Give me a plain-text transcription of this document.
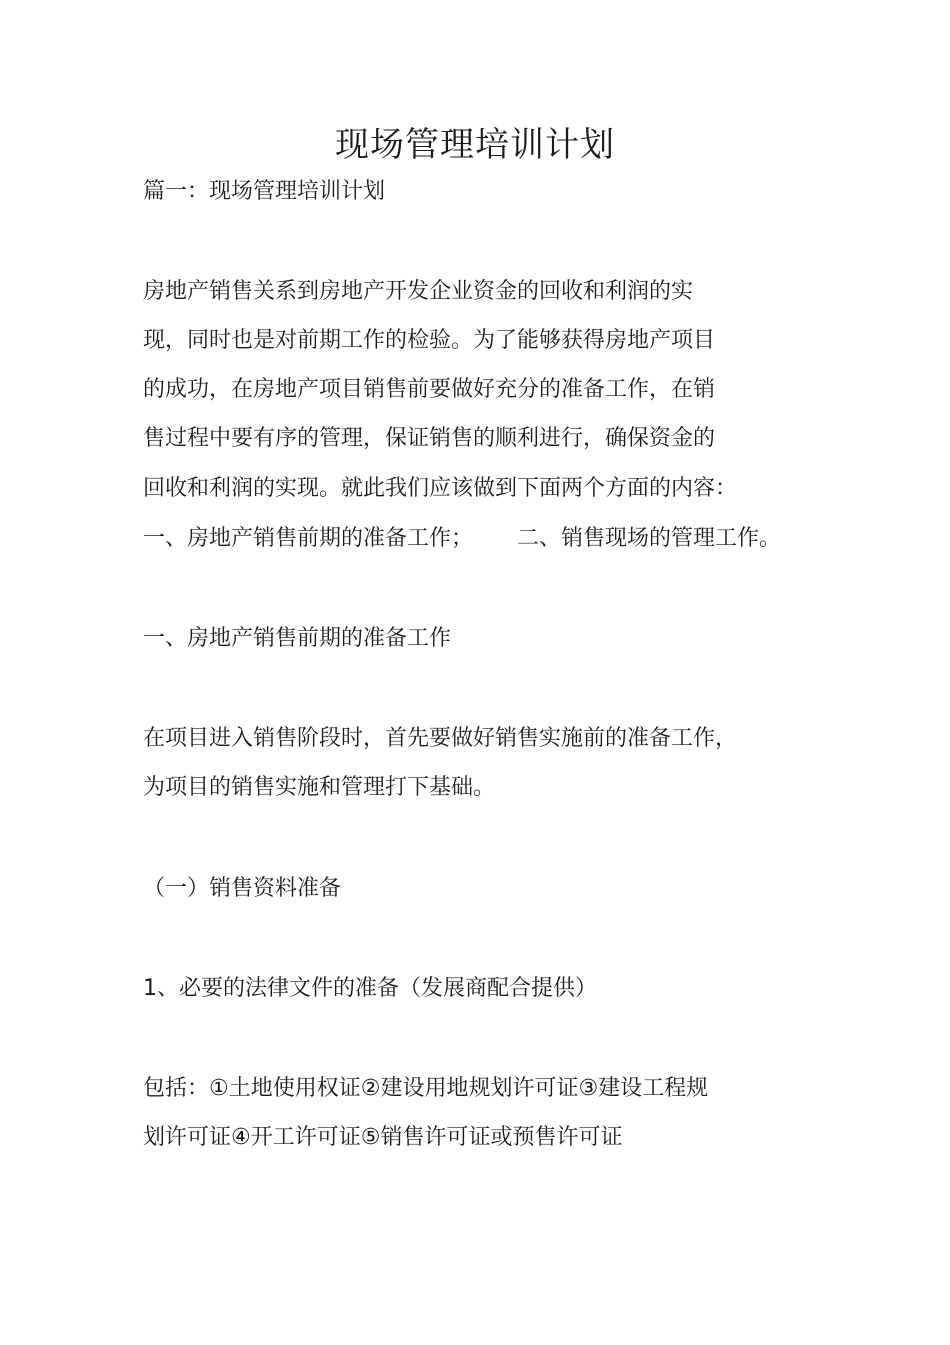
现场管理培训计划
篇一：现场管理培训计划
房地产销售关系到房地产开发企业资金的回收和利润的实
现，同时也是对前期工作的检验。为了能够获得房地产项目
的成功，在房地产项目销售前要做好充分的准备工作，在销
售过程中要有序的管理，保证销售的顺利进行，确保资金的
回收和利润的实现。就此我们应该做到下面两个方面的内容：
一、房地产销售前期的准备工作； 二、销售现场的管理工作。
一、房地产销售前期的准备工作
在项目进入销售阶段时，首先要做好销售实施前的准备工作，
为项目的销售实施和管理打下基础。
（一）销售资料准备
1、必要的法律文件的准备（发展商配合提供）
包括：①土地使用权证②建设用地规划许可证③建设工程规
划许可证④开工许可证⑤销售许可证或预售许可证
